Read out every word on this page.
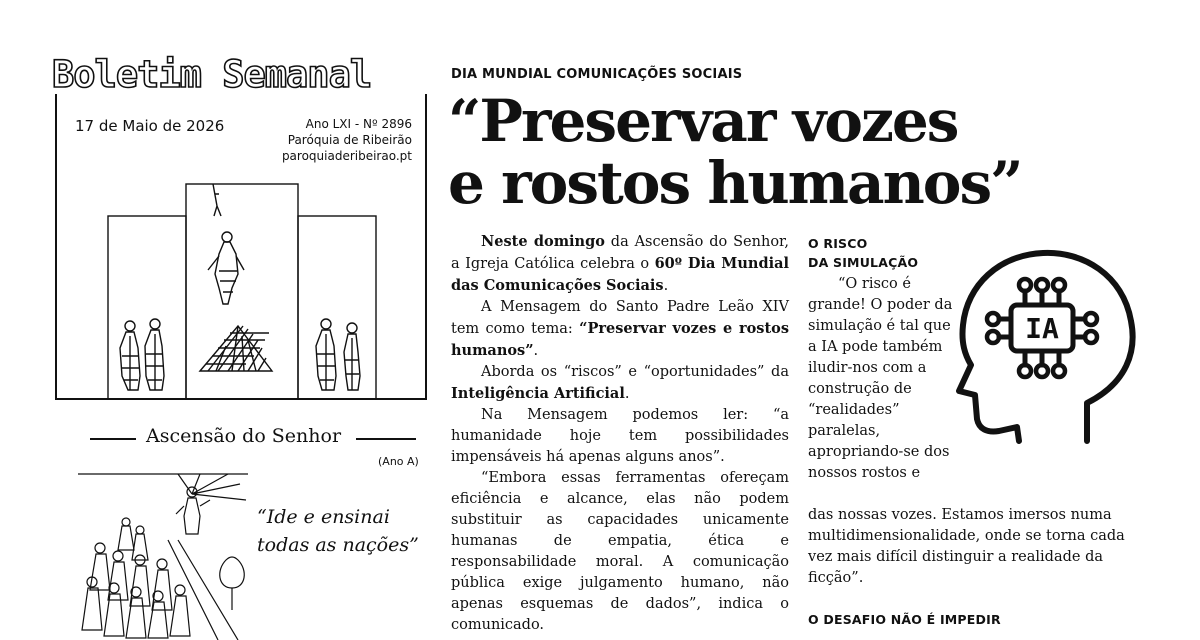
Boletim Semanal
17 de Maio de 2026	Ano LXI - Nº 2896
Paróquia de Ribeirão
paroquiaderibeirao.pt
Ascensão do Senhor
(Ano A)
“Ide e ensinai
todas as nações”
DIA MUNDIAL COMUNICAÇÕES SOCIAIS
“Preservar vozes
e rostos humanos”

Neste domingo da Ascensão do Senhor, a Igreja Católica celebra o 60º Dia Mundial das Comunicações Sociais.

A Mensagem do Santo Padre Leão XIV tem como tema: “Preservar vozes e rostos humanos”.

Aborda os “riscos” e “oportunidades” da Inteligência Artificial.

Na Mensagem podemos ler: “a humanidade hoje tem possibilidades impensáveis há apenas alguns anos”.

“Embora essas ferramentas ofereçam eficiência e alcance, elas não podem substituir as capacidades unicamente humanas de empatia, ética e responsabilidade moral. A comunicação pública exige julgamento humano, não apenas esquemas de dados”, indica o comunicado.

O RISCO
DA SIMULAÇÃO
“O risco é grande! O poder da simulação é tal que a IA pode também iludir-nos com a construção de “realidades” paralelas, apropriando-se dos nossos rostos e
das nossas vozes. Estamos imersos numa multidimensionalidade, onde se torna cada vez mais difícil distinguir a realidade da ficção”.
IA
O DESAFIO NÃO É IMPEDIR
